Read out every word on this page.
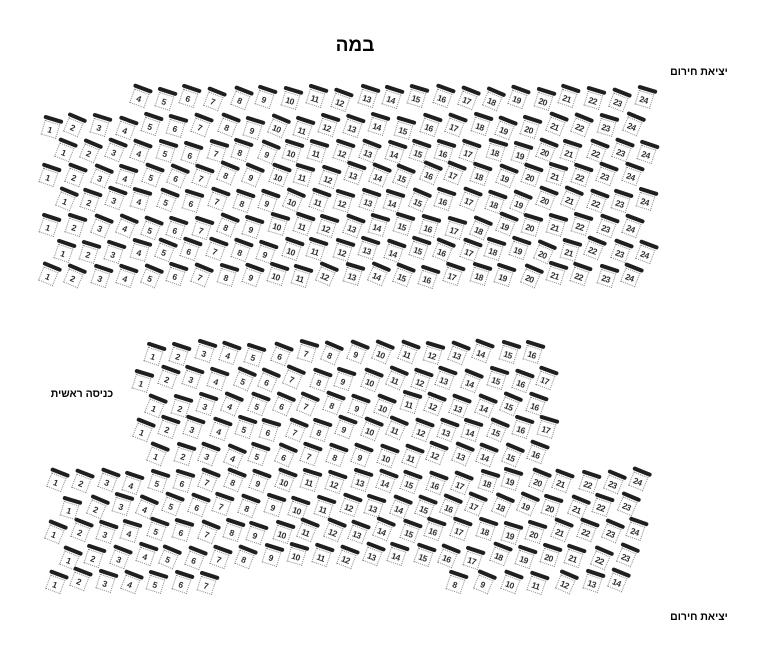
במה
יציאת חירום
כניסה ראשית
יציאת חירום
4	5	6	7	8	9	10	11	12	13	14	15	16	17	18	19	20	21	22	23	24
1	2	3	4	5	6	7	8	9	10	11	12	13	14	15	16	17	18	19	20	21	22	23	24
1	2	3	4	5	6	7	8	9	10	11	12	13	14	15	16	17	18	19	20	21	22	23	24
1	2	3	4	5	6	7	8	9	10	11	12	13	14	15	16	17	18	19	20	21	22	23	24
1	2	3	4	5	6	7	8	9	10	11	12	13	14	15	16	17	18	19	20	21	22	23	24
1	2	3	4	5	6	7	8	9	10	11	12	13	14	15	16	17	18	19	20	21	22	23	24
1	2	3	4	5	6	7	8	9	10	11	12	13	14	15	16	17	18	19	20	21	22	23	24
1	2	3	4	5	6	7	8	9	10	11	12	13	14	15	16	17	18	19	20	21	22	23	24
1	2	3	4	5	6	7	8	9	10	11	12	13	14	15	16
1	2	3	4	5	6	7	8	9	10	11	12	13	14	15	16	17
1	2	3	4	5	6	7	8	9	10	11	12	13	14	15	16
1	2	3	4	5	6	7	8	9	10	11	12	13	14	15	16	17
1	2	3	4	5	6	7	8	9	10	11	12	13	14	15	16
1	2	3	4	5	6	7	8	9	10	11	12	13	14	15	16	17	18	19	20	21	22	23	24
1	2	3	4	5	6	7	8	9	10	11	12	13	14	15	16	17	18	19	20	21	22	23
1	2	3	4	5	6	7	8	9	10	11	12	13	14	15	16	17	18	19	20	21	22	23	24
1	2	3	4	5	6	7	8	9	10	11	12	13	14	15	16	17	18	19	20	21	22	23
1	2	3	4	5	6	7	8	9	10	11	12	13	14
